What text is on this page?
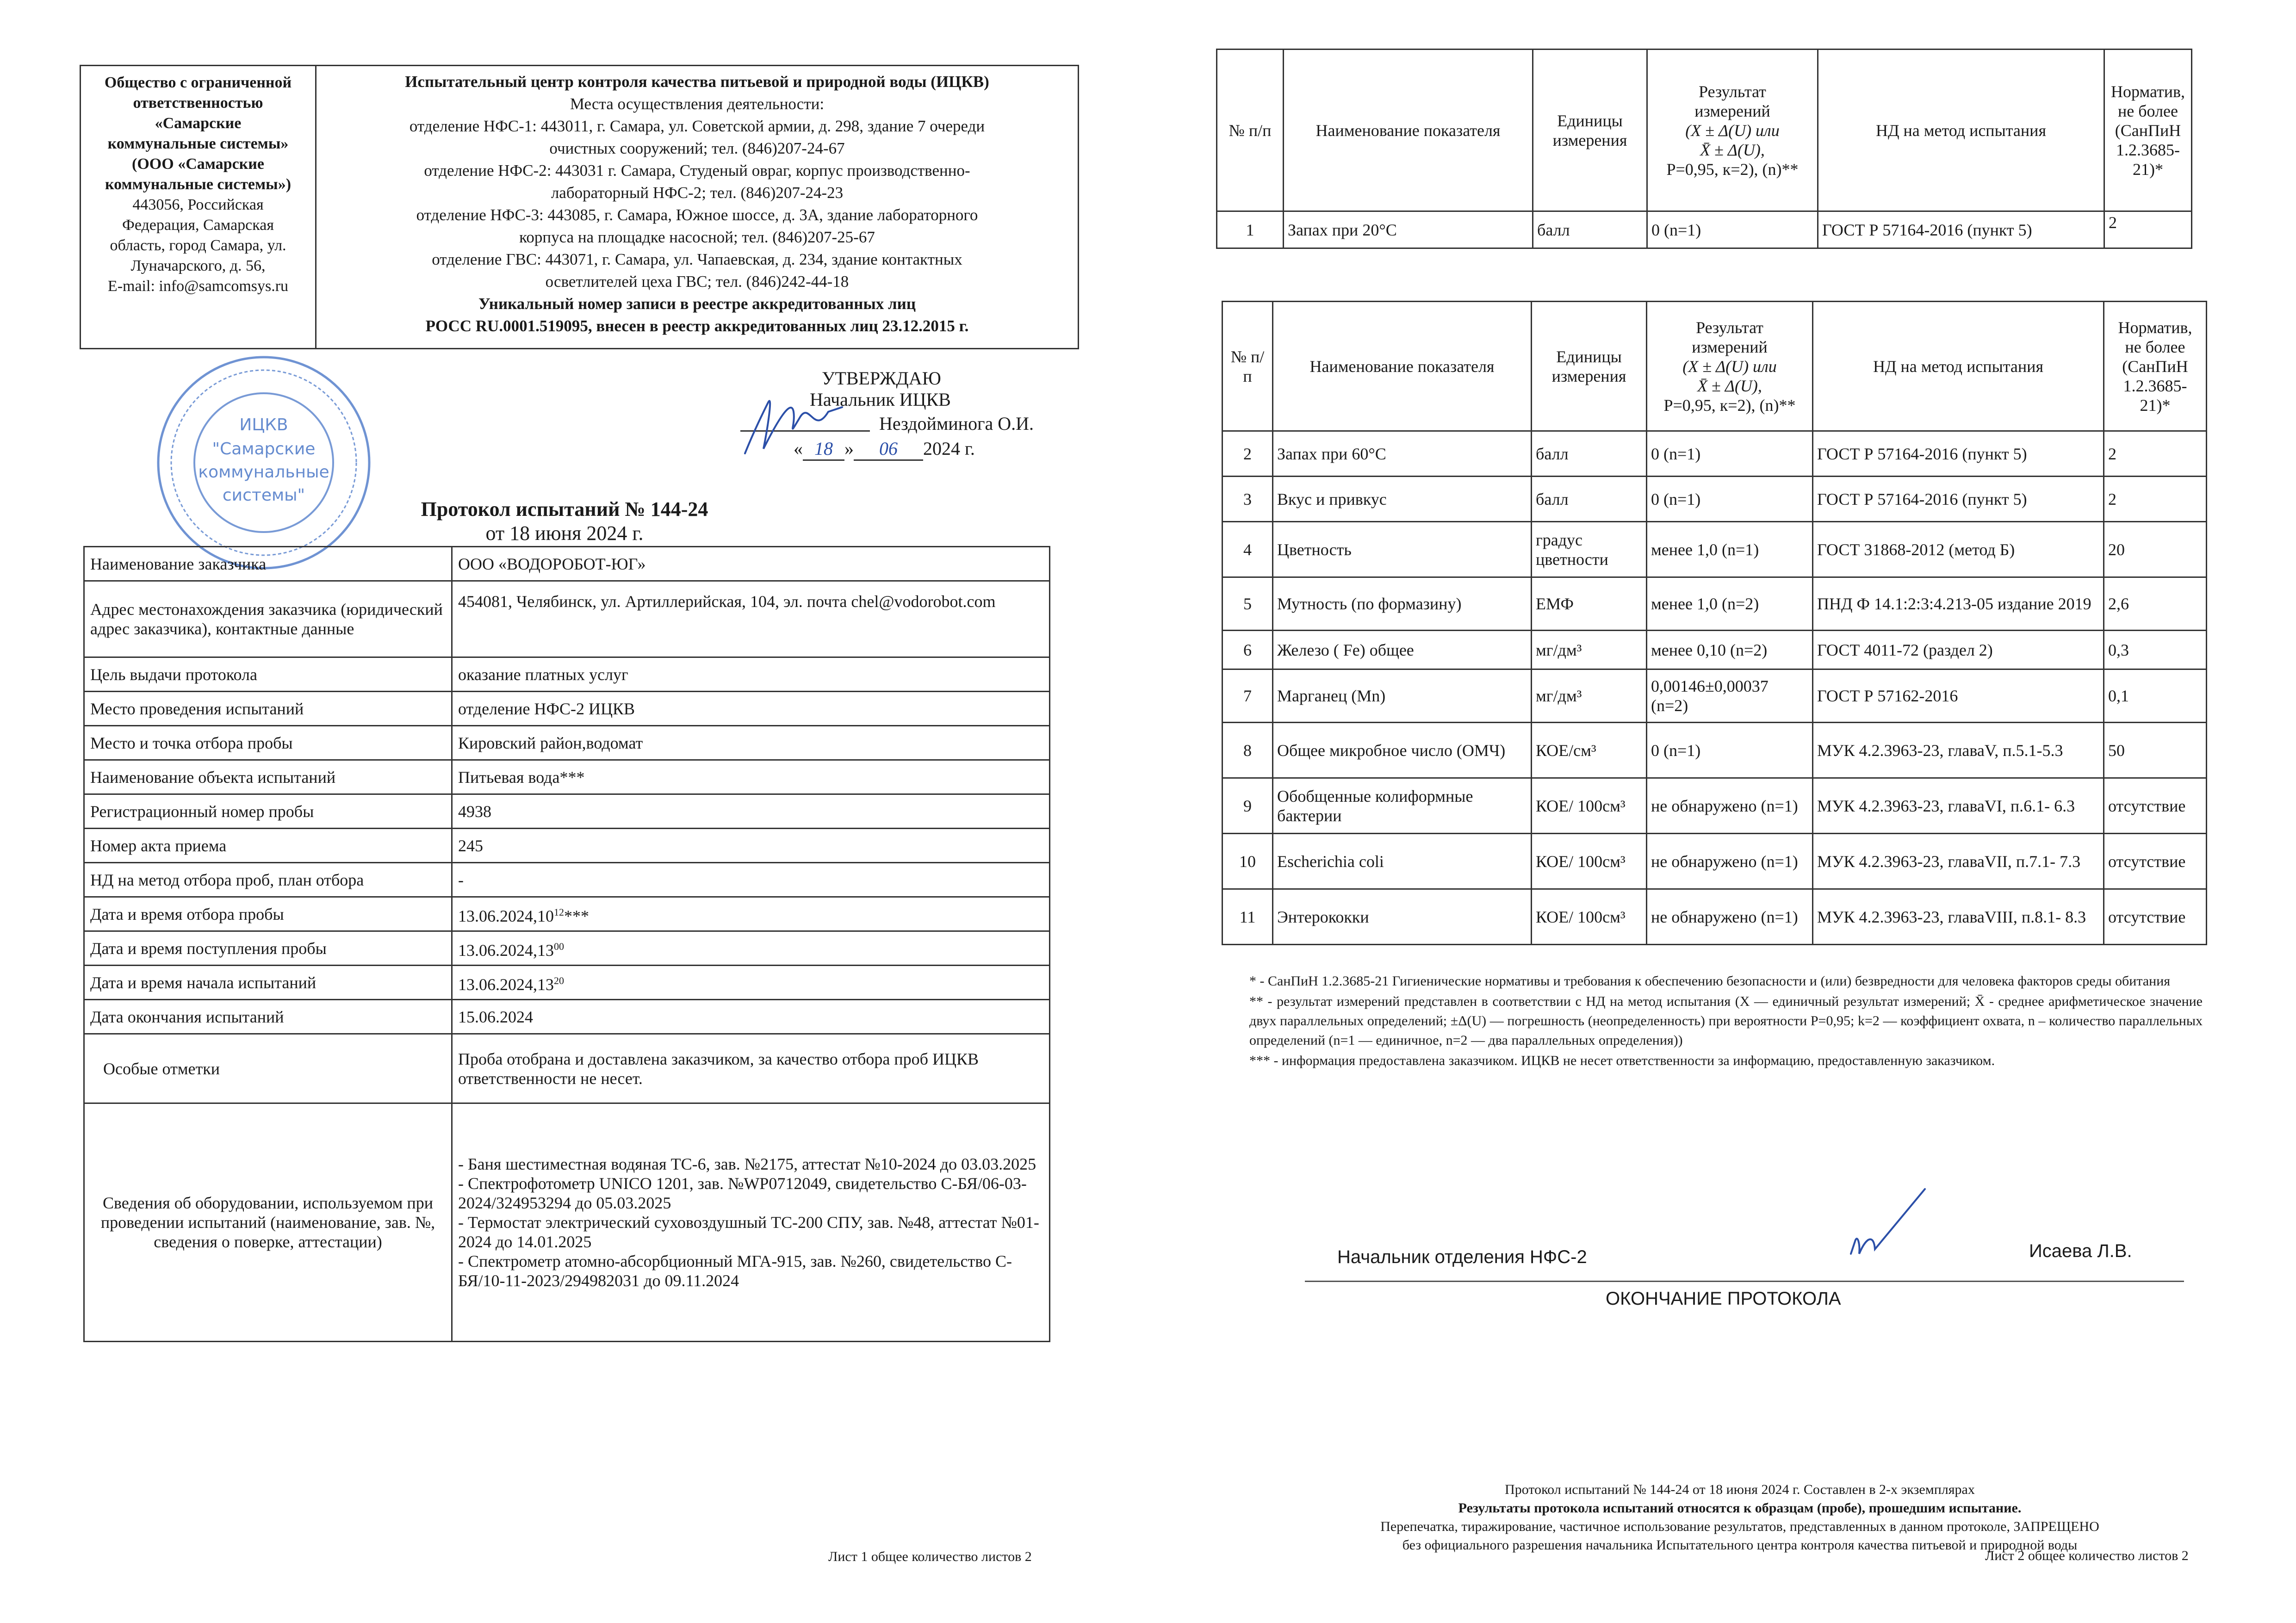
Общество с ограниченной
ответственностью
«Самарские
коммунальные системы»
(ООО «Самарские
коммунальные системы»)
443056, Российская
Федерация, Самарская
область, город Самара, ул.
Луначарского, д. 56,
E-mail: info@samcomsys.ru

Испытательный центр контроля качества питьевой и природной воды (ИЦКВ)
Места осуществления деятельности:
отделение НФС-1: 443011, г. Самара, ул. Советской армии, д. 298, здание 7 очереди
очистных сооружений; тел. (846)207-24-67
отделение НФС-2: 443031 г. Самара, Студеный овраг, корпус производственно-
лабораторный НФС-2; тел. (846)207-24-23
отделение НФС-3: 443085, г. Самара, Южное шоссе, д. 3А, здание лабораторного
корпуса на площадке насосной; тел. (846)207-25-67
отделение ГВС: 443071, г. Самара, ул. Чапаевская, д. 234, здание контактных
осветлителей цеха ГВС; тел. (846)242-44-18
Уникальный номер записи в реестре аккредитованных лиц
РОСС RU.0001.519095, внесен в реестр аккредитованных лиц 23.12.2015 г.
ИЦКВ
"Самарские
коммунальные
системы"
УТВЕРЖДАЮ
Начальник ИЦКВ
Нездойминога О.И.
« 18 » 06 2024 г.
Протокол испытаний № 144-24
от 18 июня 2024 г.
Наименование заказчика	ООО «ВОДОРОБОТ-ЮГ»
Адрес местонахождения заказчика (юридический адрес заказчика), контактные данные	454081, Челябинск, ул. Артиллерийская, 104, эл. почта chel@vodorobot.com
Цель выдачи протокола	оказание платных услуг
Место проведения испытаний	отделение НФС-2 ИЦКВ
Место и точка отбора пробы	Кировский район,водомат
Наименование объекта испытаний	Питьевая вода***
Регистрационный номер пробы	4938
Номер акта приема	245
НД на метод отбора проб, план отбора	-
Дата и время отбора пробы	13.06.2024,10$^{12}$***
Дата и время поступления пробы	13.06.2024,13$^{00}$
Дата и время начала испытаний	13.06.2024,13$^{20}$
Дата окончания испытаний	15.06.2024
Особые отметки	Проба отобрана и доставлена заказчиком, за качество отбора проб ИЦКВ ответственности не несет.
Сведения об оборудовании, используемом при проведении испытаний (наименование, зав. №, сведения о поверке, аттестации)	- Баня шестиместная водяная ТС-6, зав. №2175, аттестат №10-2024 до 03.03.2025
- Спектрофотометр UNICO 1201, зав. №WP0712049, свидетельство С-БЯ/06-03-2024/324953294 до 05.03.2025
- Термостат электрический суховоздушный ТС-200 СПУ, зав. №48, аттестат №01-2024 до 14.01.2025
- Спектрометр атомно-абсорбционный МГА-915, зав. №260, свидетельство С-БЯ/10-11-2023/294982031 до 09.11.2024
Лист 1 общее количество листов 2
№ п/п	Наименование показателя	Единицы измерения	Результат
измерений
(X ± Δ(U) или
X̄ ± Δ(U),
Р=0,95, к=2), (n)**	НД на метод испытания	Норматив, не более (СанПиН 1.2.3685-21)*
1	Запах при 20°С	балл	0 (n=1)	ГОСТ Р 57164-2016 (пункт 5)	2
№ п/п	Наименование показателя	Единицы измерения	Результат
измерений
(X ± Δ(U) или
X̄ ± Δ(U),
Р=0,95, к=2), (n)**	НД на метод испытания	Норматив, не более (СанПиН 1.2.3685-21)*
2	Запах при 60°С	балл	0 (n=1)	ГОСТ Р 57164-2016 (пункт 5)	2
3	Вкус и привкус	балл	0 (n=1)	ГОСТ Р 57164-2016 (пункт 5)	2
4	Цветность	градус цветности	менее 1,0 (n=1)	ГОСТ 31868-2012 (метод Б)	20
5	Мутность (по формазину)	ЕМФ	менее 1,0 (n=2)	ПНД Ф 14.1:2:3:4.213-05 издание 2019	2,6
6	Железо ( Fe) общее	мг/дм³	менее 0,10 (n=2)	ГОСТ 4011-72 (раздел 2)	0,3
7	Марганец (Mn)	мг/дм³	0,00146±0,00037 (n=2)	ГОСТ Р 57162-2016	0,1
8	Общее микробное число (ОМЧ)	КОЕ/см³	0 (n=1)	МУК 4.2.3963-23, главаV, п.5.1-5.3	50
9	Обобщенные колиформные бактерии	КОЕ/ 100см³	не обнаружено (n=1)	МУК 4.2.3963-23, главаVI, п.6.1- 6.3	отсутствие
10	Escherichia coli	КОЕ/ 100см³	не обнаружено (n=1)	МУК 4.2.3963-23, главаVII, п.7.1- 7.3	отсутствие
11	Энтерококки	КОЕ/ 100см³	не обнаружено (n=1)	МУК 4.2.3963-23, главаVIII, п.8.1- 8.3	отсутствие

* - СанПиН 1.2.3685-21 Гигиенические нормативы и требования к обеспечению безопасности и (или) безвредности для человека факторов среды обитания

** - результат измерений представлен в соответствии с НД на метод испытания (X — единичный результат измерений; X̄ - среднее арифметическое значение двух параллельных определений; ±Δ(U) — погрешность (неопределенность) при вероятности Р=0,95; k=2 — коэффициент охвата, n – количество параллельных определений (n=1 — единичное, n=2 — два параллельных определения))

*** - информация предоставлена заказчиком. ИЦКВ не несет ответственности за информацию, предоставленную заказчиком.

Начальник отделения НФС-2	Исаева Л.В.
ОКОНЧАНИЕ ПРОТОКОЛА
Протокол испытаний № 144-24 от 18 июня 2024 г. Составлен в 2-х экземплярах
Результаты протокола испытаний относятся к образцам (пробе), прошедшим испытание.
Перепечатка, тиражирование, частичное использование результатов, представленных в данном протоколе, ЗАПРЕЩЕНО
без официального разрешения начальника Испытательного центра контроля качества питьевой и природной воды
Лист 2 общее количество листов 2
